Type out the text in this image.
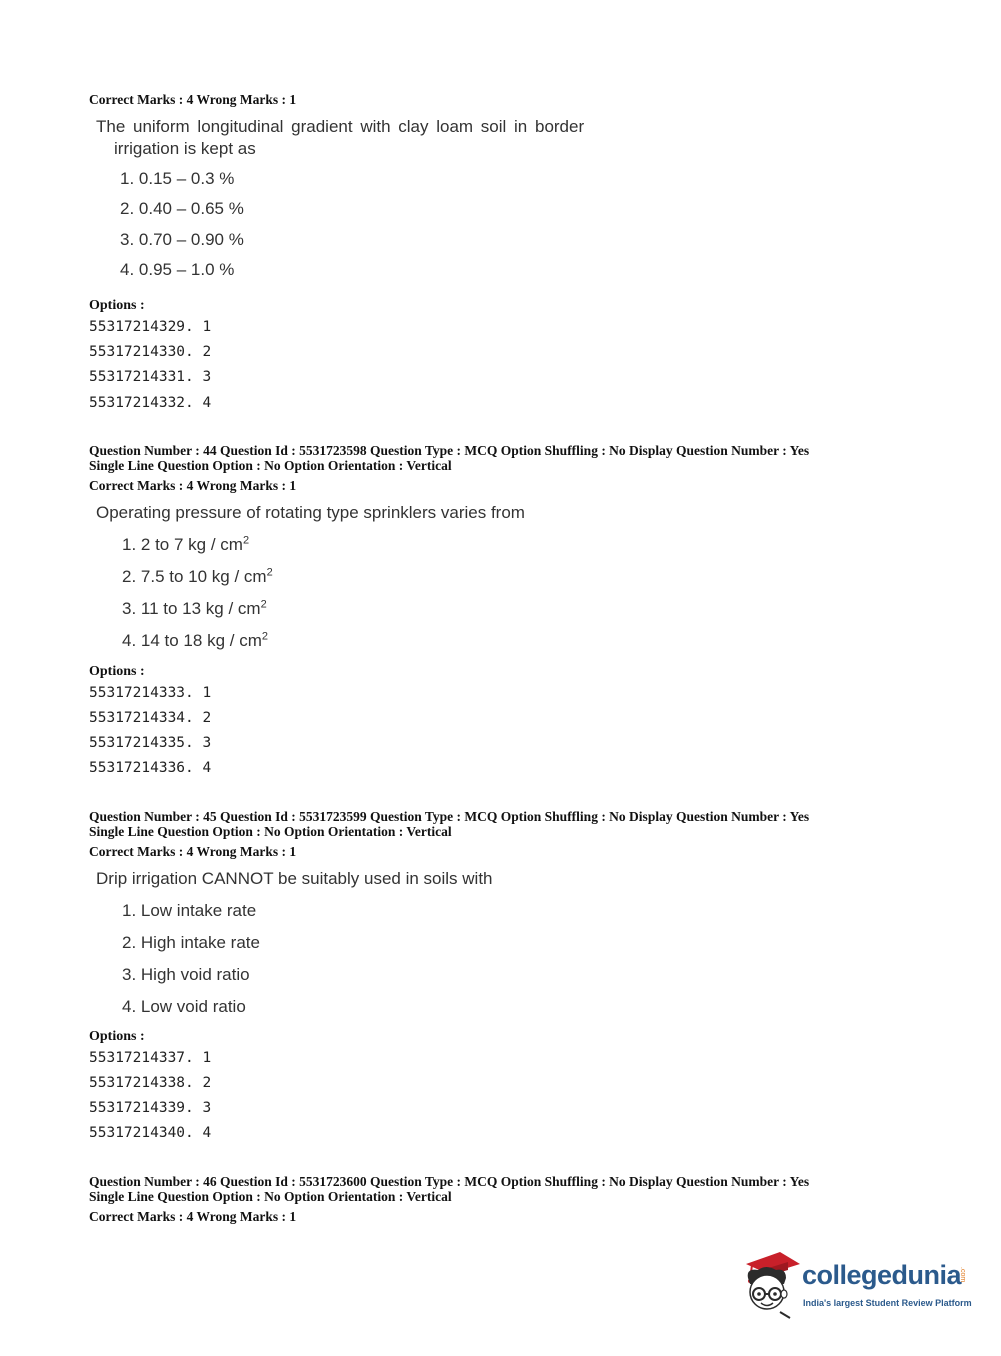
Correct Marks : 4 Wrong Marks : 1
The uniform longitudinal gradient with clay loam soil in border
irrigation is kept as
1. 0.15 – 0.3 %
2. 0.40 – 0.65 %
3. 0.70 – 0.90 %
4. 0.95 – 1.0 %
Options :
55317214329. 1
55317214330. 2
55317214331. 3
55317214332. 4
Question Number : 44 Question Id : 5531723598 Question Type : MCQ Option Shuffling : No Display Question Number : Yes
Single Line Question Option : No Option Orientation : Vertical
Correct Marks : 4 Wrong Marks : 1
Operating pressure of rotating type sprinklers varies from
1. 2 to 7 kg / $cm^2$
2. 7.5 to 10 kg / $cm^2$
3. 11 to 13 kg / $cm^2$
4. 14 to 18 kg / $cm^2$
Options :
55317214333. 1
55317214334. 2
55317214335. 3
55317214336. 4
Question Number : 45 Question Id : 5531723599 Question Type : MCQ Option Shuffling : No Display Question Number : Yes
Single Line Question Option : No Option Orientation : Vertical
Correct Marks : 4 Wrong Marks : 1
Drip irrigation CANNOT be suitably used in soils with
1. Low intake rate
2. High intake rate
3. High void ratio
4. Low void ratio
Options :
55317214337. 1
55317214338. 2
55317214339. 3
55317214340. 4
Question Number : 46 Question Id : 5531723600 Question Type : MCQ Option Shuffling : No Display Question Number : Yes
Single Line Question Option : No Option Orientation : Vertical
Correct Marks : 4 Wrong Marks : 1
collegedunia
.com
India's largest Student Review Platform
